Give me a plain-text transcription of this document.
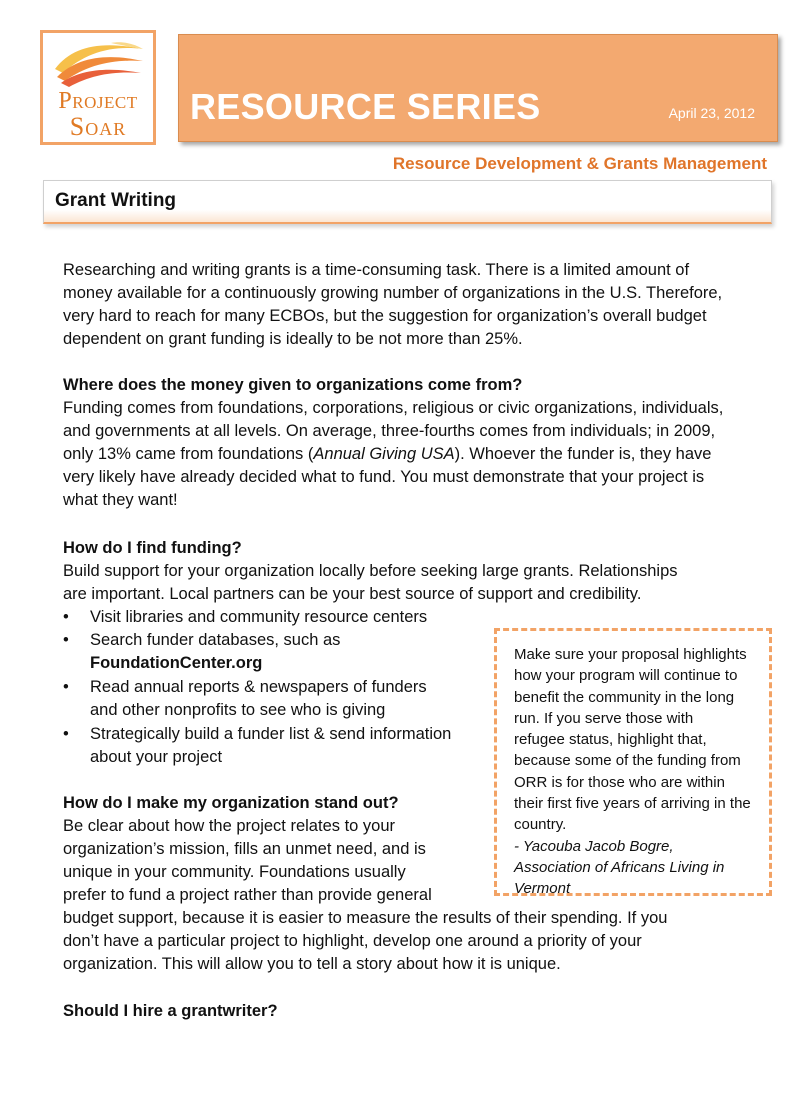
Project
Soar	RESOURCE SERIES	April 23, 2012
Resource Development & Grants Management
Grant Writing
Researching and writing grants is a time-consuming task. There is a limited amount of
money available for a continuously growing number of organizations in the U.S. Therefore,
very hard to reach for many ECBOs, but the suggestion for organization’s overall budget
dependent on grant funding is ideally to be not more than 25%.
Where does the money given to organizations come from?
Funding comes from foundations, corporations, religious or civic organizations, individuals,
and governments at all levels. On average, three-fourths comes from individuals; in 2009,
only 13% came from foundations (Annual Giving USA). Whoever the funder is, they have
very likely have already decided what to fund. You must demonstrate that your project is
what they want!
How do I find funding?
Build support for your organization locally before seeking large grants. Relationships
are important. Local partners can be your best source of support and credibility.
• Visit libraries and community resource centers
• Search funder databases, such as
FoundationCenter.org
• Read annual reports & newspapers of funders
and other nonprofits to see who is giving
• Strategically build a funder list & send information
about your project
How do I make my organization stand out?
Be clear about how the project relates to your
organization’s mission, fills an unmet need, and is
unique in your community. Foundations usually
prefer to fund a project rather than provide general
budget support, because it is easier to measure the results of their spending. If you
don’t have a particular project to highlight, develop one around a priority of your
organization. This will allow you to tell a story about how it is unique.
Should I hire a grantwriter?
Make sure your proposal highlights
how your program will continue to
benefit the community in the long
run. If you serve those with
refugee status, highlight that,
because some of the funding from
ORR is for those who are within
their first five years of arriving in the
country.
- Yacouba Jacob Bogre,
Association of Africans Living in
Vermont
